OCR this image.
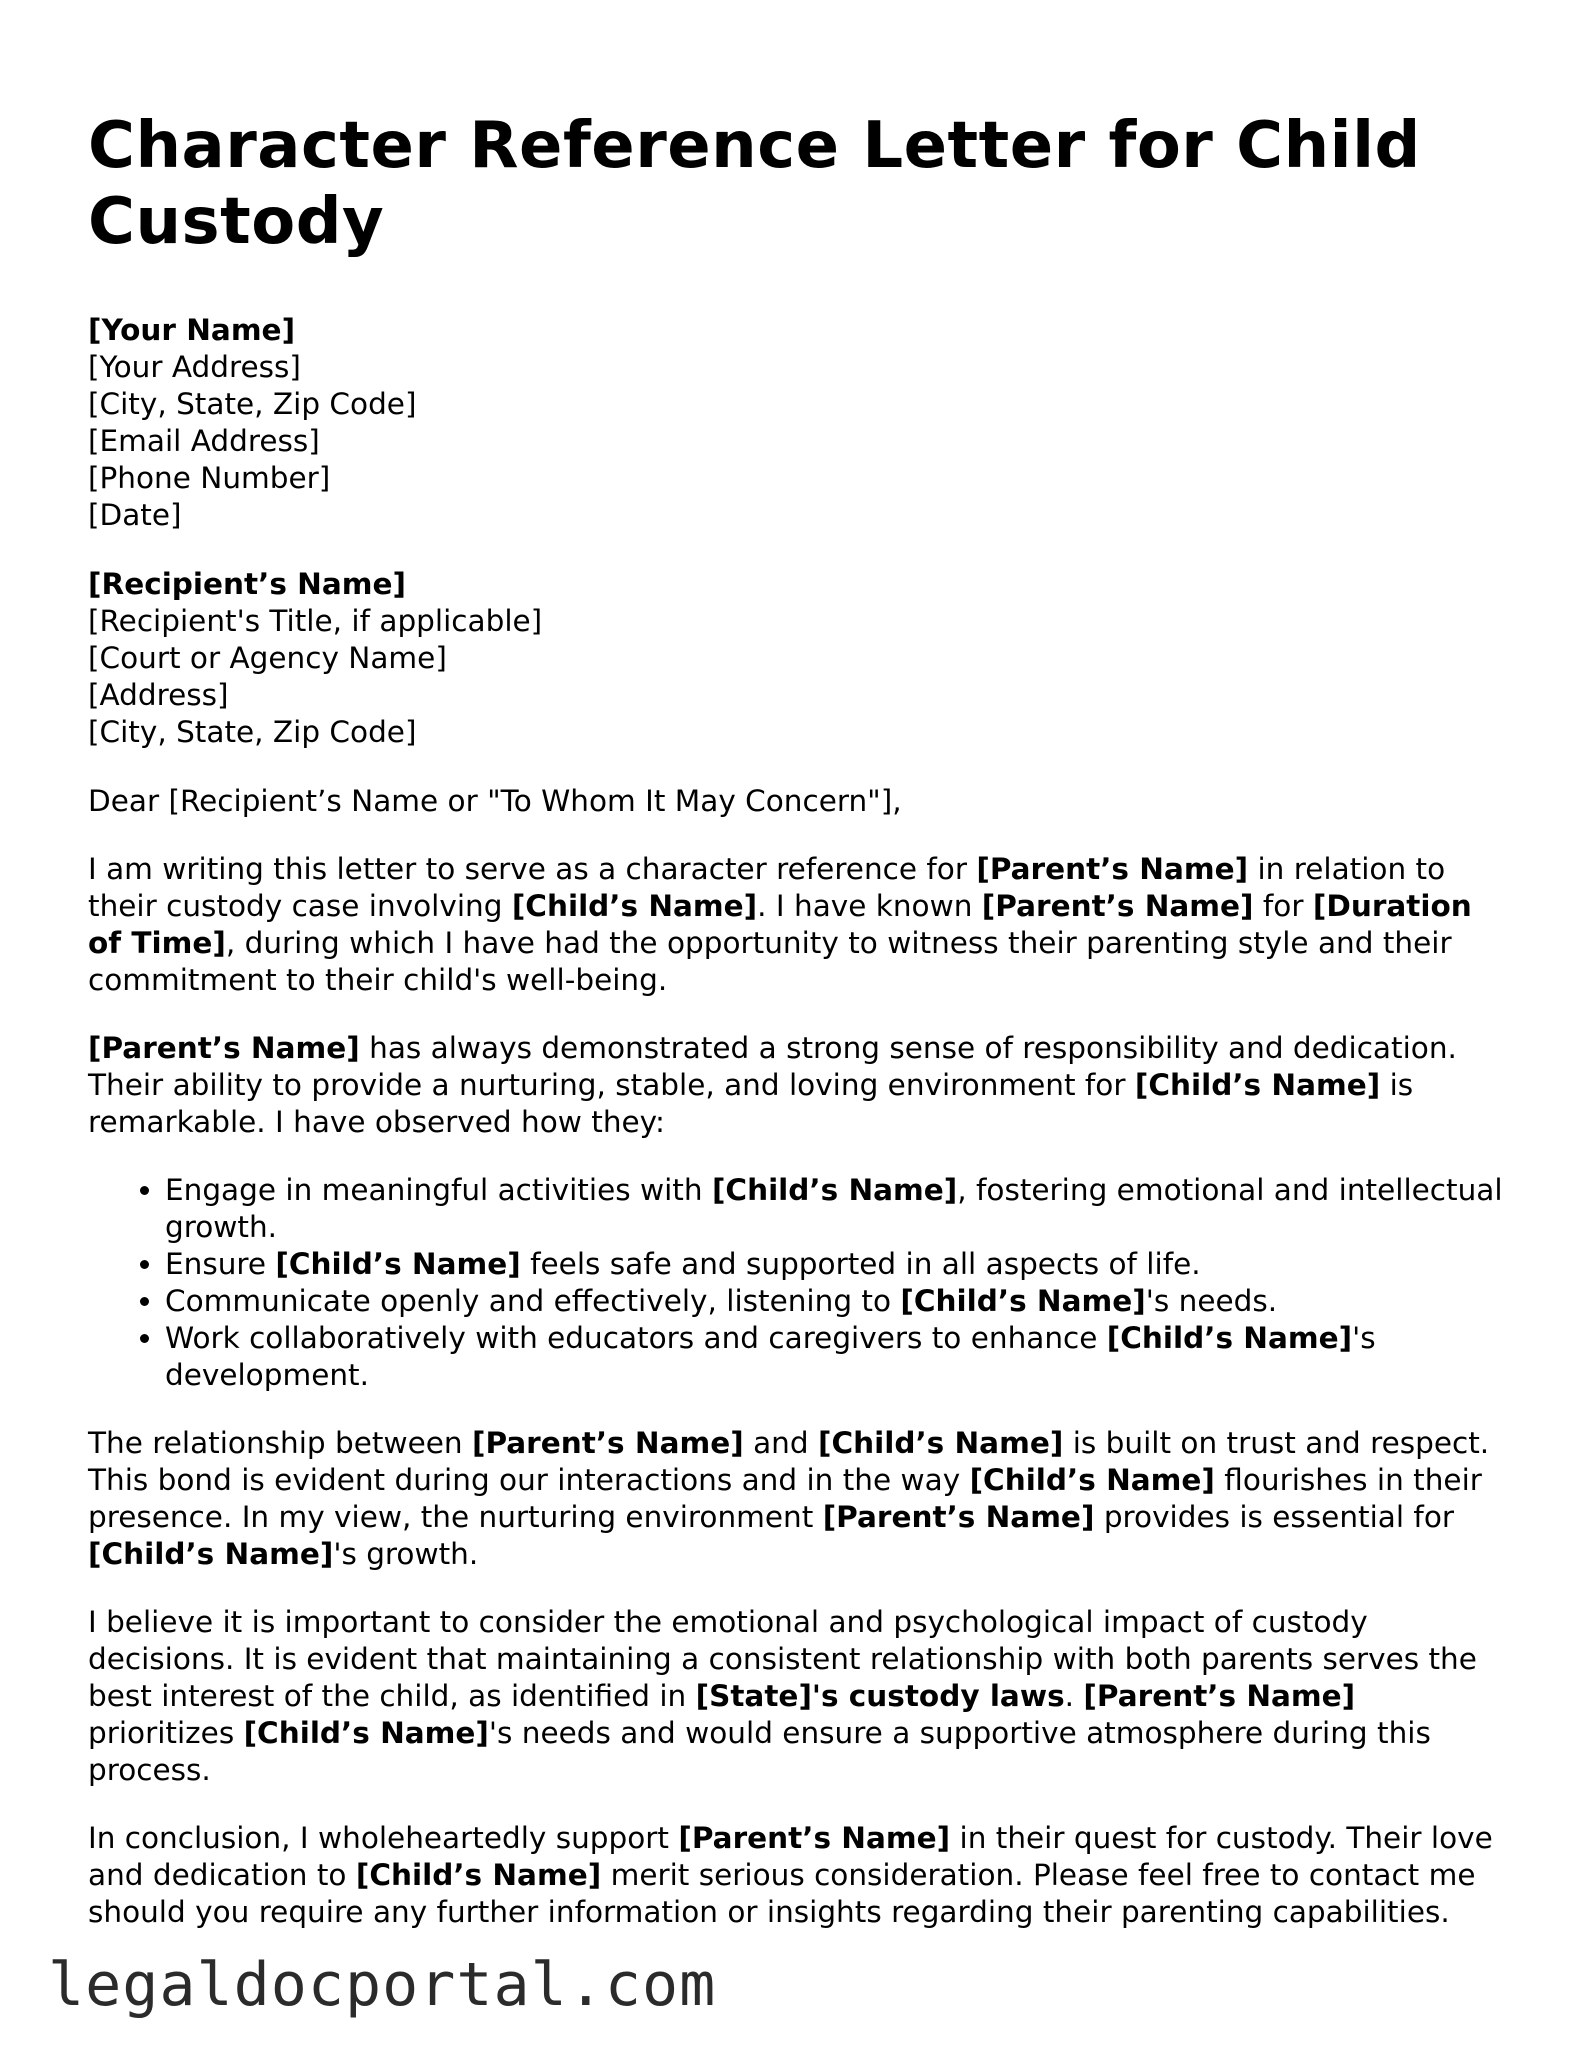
Character Reference Letter for Child Custody
[Your Name]
[Your Address]
[City, State, Zip Code]
[Email Address]
[Phone Number]
[Date]
[Recipient’s Name]
[Recipient's Title, if applicable]
[Court or Agency Name]
[Address]
[City, State, Zip Code]

Dear [Recipient’s Name or "To Whom It May Concern"],

I am writing this letter to serve as a character reference for [Parent’s Name] in relation to their custody case involving [Child’s Name]. I have known [Parent’s Name] for [Duration of Time], during which I have had the opportunity to witness their parenting style and their commitment to their child's well-being.

[Parent’s Name] has always demonstrated a strong sense of responsibility and dedication. Their ability to provide a nurturing, stable, and loving environment for [Child’s Name] is remarkable. I have observed how they:

• Engage in meaningful activities with [Child’s Name], fostering emotional and intellectual growth.
• Ensure [Child’s Name] feels safe and supported in all aspects of life.
• Communicate openly and effectively, listening to [Child’s Name]'s needs.
• Work collaboratively with educators and caregivers to enhance [Child’s Name]'s development.

The relationship between [Parent’s Name] and [Child’s Name] is built on trust and respect. This bond is evident during our interactions and in the way [Child’s Name] flourishes in their presence. In my view, the nurturing environment [Parent’s Name] provides is essential for [Child’s Name]'s growth.

I believe it is important to consider the emotional and psychological impact of custody decisions. It is evident that maintaining a consistent relationship with both parents serves the best interest of the child, as identified in [State]'s custody laws. [Parent’s Name] prioritizes [Child’s Name]'s needs and would ensure a supportive atmosphere during this process.

In conclusion, I wholeheartedly support [Parent’s Name] in their quest for custody. Their love and dedication to [Child’s Name] merit serious consideration. Please feel free to contact me should you require any further information or insights regarding their parenting capabilities.

legaldocportal.com
